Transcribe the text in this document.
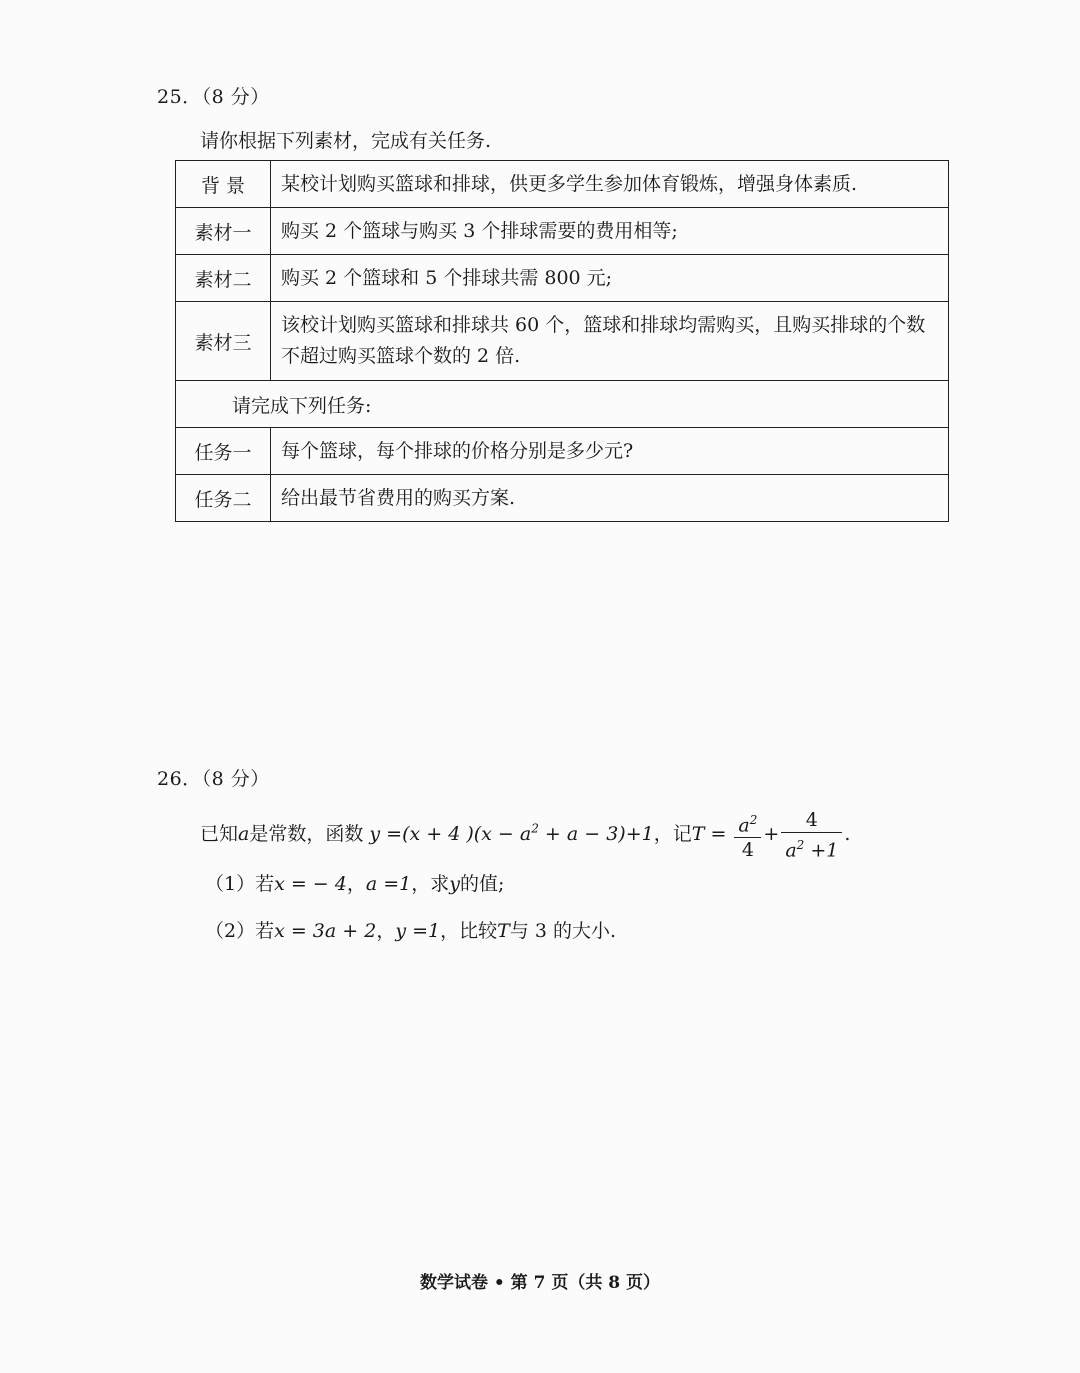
25．（8 分）
请你根据下列素材，完成有关任务.
背 景	某校计划购买篮球和排球，供更多学生参加体育锻炼，增强身体素质.
素材一	购买 2 个篮球与购买 3 个排球需要的费用相等;
素材二	购买 2 个篮球和 5 个排球共需 800 元;
素材三	该校计划购买篮球和排球共 60 个，篮球和排球均需购买，且购买排球的个数不超过购买篮球个数的 2 倍.
请完成下列任务:	
任务一	每个篮球，每个排球的价格分别是多少元?
任务二	给出最节省费用的购买方案.
26．（8 分）
已知a是常数，函数 y =(x + 4 )$(x - a^2 + a - 3)+1$，记$T = \frac{a^2}{4} + \frac{4}{a^2 +1}$ .
（1）若x = − 4，a =1，求y的值;
（2）若x = 3a + 2，y =1，比较T与 3 的大小.
数学试卷 • 第 7 页（共 8 页）
